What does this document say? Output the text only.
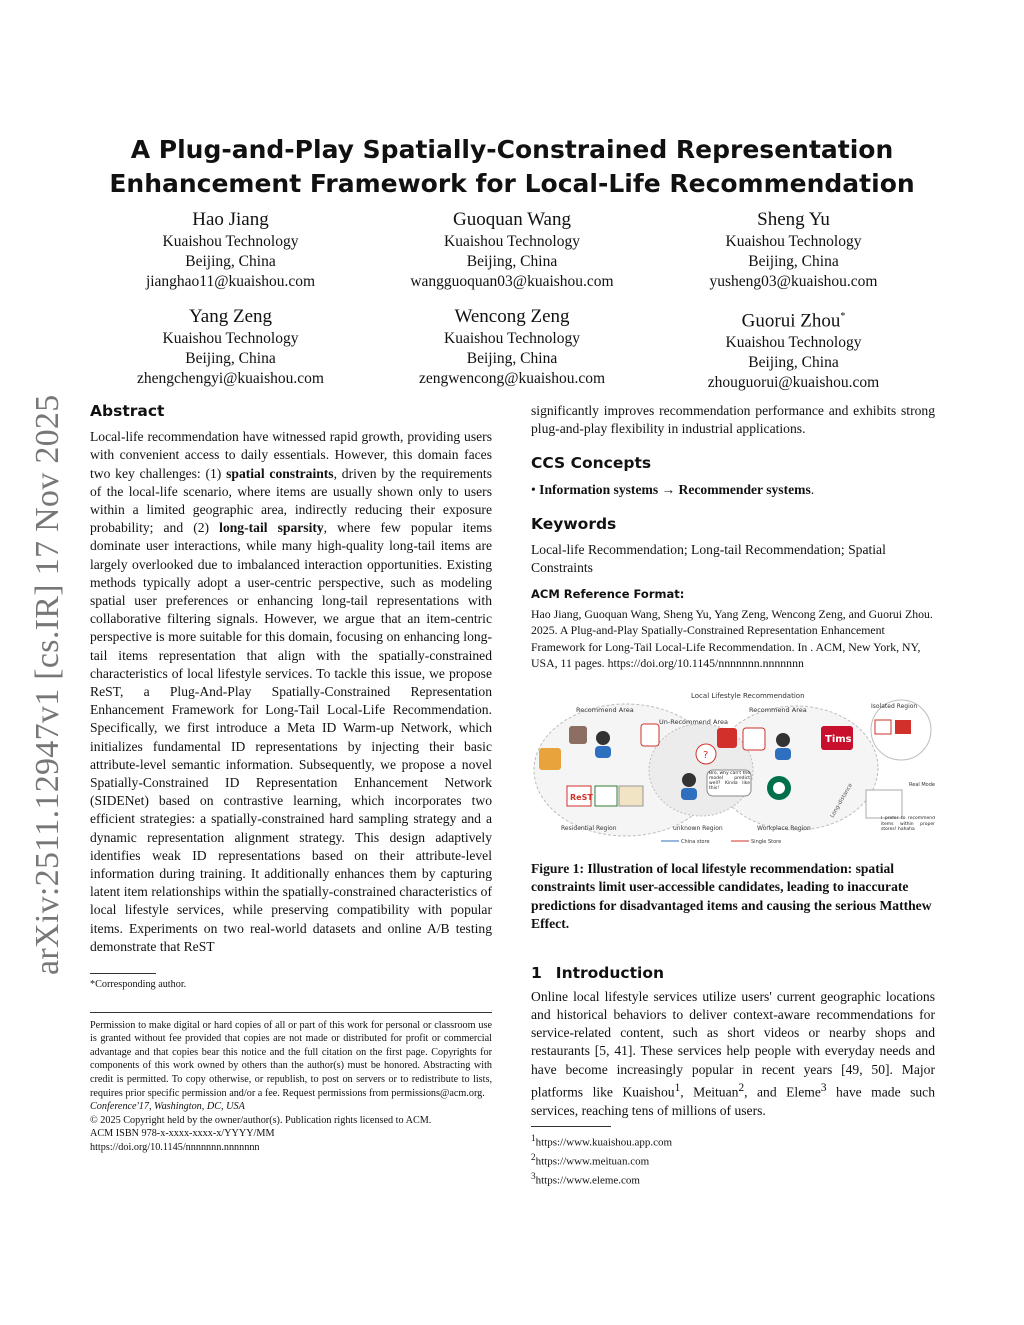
A Plug-and-Play Spatially-Constrained Representation
Enhancement Framework for Local-Life Recommendation
Hao Jiang
Kuaishou Technology
Beijing, China
jianghao11@kuaishou.com
Guoquan Wang
Kuaishou Technology
Beijing, China
wangguoquan03@kuaishou.com
Sheng Yu
Kuaishou Technology
Beijing, China
yusheng03@kuaishou.com
Yang Zeng
Kuaishou Technology
Beijing, China
zhengchengyi@kuaishou.com
Wencong Zeng
Kuaishou Technology
Beijing, China
zengwencong@kuaishou.com
Guorui Zhou*
Kuaishou Technology
Beijing, China
zhouguorui@kuaishou.com
arXiv:2511.12947v1 [cs.IR] 17 Nov 2025 Abstract

Local-life recommendation have witnessed rapid growth, providing users with convenient access to daily essentials. However, this domain faces two key challenges: (1) spatial constraints, driven by the requirements of the local-life scenario, where items are usually shown only to users within a limited geographic area, indirectly reducing their exposure probability; and (2) long-tail sparsity, where few popular items dominate user interactions, while many high-quality long-tail items are largely overlooked due to imbalanced interaction opportunities. Existing methods typically adopt a user-centric perspective, such as modeling spatial user preferences or enhancing long-tail representations with collaborative filtering signals. However, we argue that an item-centric perspective is more suitable for this domain, focusing on enhancing long-tail items representation that align with the spatially-constrained characteristics of local lifestyle services. To tackle this issue, we propose ReST, a Plug-And-Play Spatially-Constrained Representation Enhancement Framework for Long-Tail Local-Life Recommendation. Specifically, we first introduce a Meta ID Warm-up Network, which initializes fundamental ID representations by injecting their basic attribute-level semantic information. Subsequently, we propose a novel Spatially-Constrained ID Representation Enhancement Network (SIDENet) based on contrastive learning, which incorporates two efficient strategies: a spatially-constrained hard sampling strategy and a dynamic representation alignment strategy. This design adaptively identifies weak ID representations based on their attribute-level information during training. It additionally enhances them by capturing latent item relationships within the spatially-constrained characteristics of local lifestyle services, while preserving compatibility with popular items. Experiments on two real-world datasets and online A/B testing demonstrate that ReST

*Corresponding author.
Permission to make digital or hard copies of all or part of this work for personal or classroom use is granted without fee provided that copies are not made or distributed for profit or commercial advantage and that copies bear this notice and the full citation on the first page. Copyrights for components of this work owned by others than the author(s) must be honored. Abstracting with credit is permitted. To copy otherwise, or republish, to post on servers or to redistribute to lists, requires prior specific permission and/or a fee. Request permissions from permissions@acm.org.
Conference'17, Washington, DC, USA
© 2025 Copyright held by the owner/author(s). Publication rights licensed to ACM.
ACM ISBN 978-x-xxxx-xxxx-x/YYYY/MM
https://doi.org/10.1145/nnnnnnn.nnnnnnn

significantly improves recommendation performance and exhibits strong plug-and-play flexibility in industrial applications.

CCS Concepts

• Information systems → Recommender systems.

Keywords

Local-life Recommendation; Long-tail Recommendation; Spatial Constraints

ACM Reference Format:

Hao Jiang, Guoquan Wang, Sheng Yu, Yang Zeng, Wencong Zeng, and Guorui Zhou. 2025. A Plug-and-Play Spatially-Constrained Representation Enhancement Framework for Long-Tail Local-Life Recommendation. In . ACM, New York, NY, USA, 11 pages. https://doi.org/10.1145/nnnnnnn.nnnnnnn

Local Lifestyle Recommendation
Recommend Area	Recommend Area
Un-Recommend Area
Isolated Region
ReST
?
Bro, why can't the model predict well? Kinda like this!
Tims
Real Model
I prefer to recommend items within proper stores! hahaha
Long-distance
Residential Region	unknown Region	Workplace Region
China store	Single Store

Figure 1: Illustration of local lifestyle recommendation: spatial constraints limit user-accessible candidates, leading to inaccurate predictions for disadvantaged items and causing the serious Matthew Effect.

1 Introduction

Online local lifestyle services utilize users' current geographic locations and historical behaviors to deliver context-aware recommendations for service-related content, such as short videos or nearby shops and restaurants [5, 41]. These services help people with everyday needs and have become increasingly popular in recent years [49, 50]. Major platforms like Kuaishou$^1$, Meituan$^2$, and Eleme$^3$ have made such services, reaching tens of millions of users.

$^1$https://www.kuaishou.app.com
$^2$https://www.meituan.com
$^3$https://www.eleme.com
